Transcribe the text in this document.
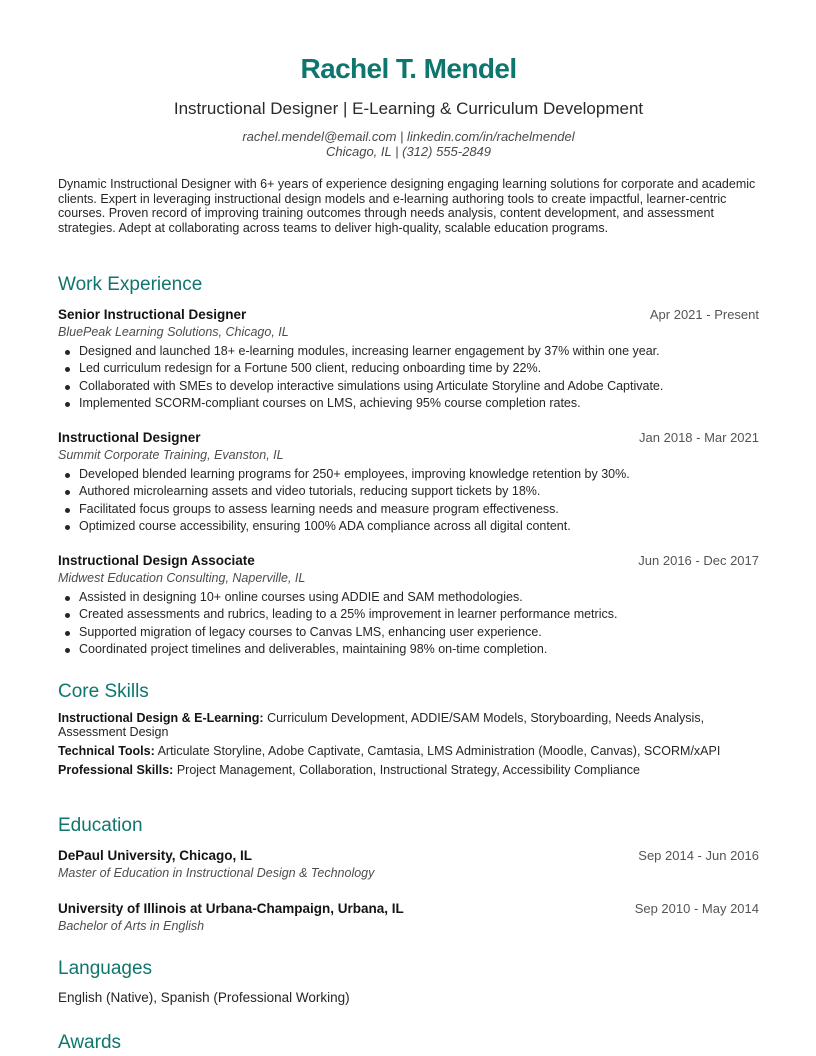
Rachel T. Mendel
Instructional Designer | E-Learning & Curriculum Development
rachel.mendel@email.com | linkedin.com/in/rachelmendel
Chicago, IL | (312) 555-2849
Dynamic Instructional Designer with 6+ years of experience designing engaging learning solutions for corporate and academic clients. Expert in leveraging instructional design models and e-learning authoring tools to create impactful, learner-centric courses. Proven record of improving training outcomes through needs analysis, content development, and assessment strategies. Adept at collaborating across teams to deliver high-quality, scalable education programs.
Work Experience
Senior Instructional Designer	Apr 2021 - Present
BluePeak Learning Solutions, Chicago, IL
Designed and launched 18+ e-learning modules, increasing learner engagement by 37% within one year.
Led curriculum redesign for a Fortune 500 client, reducing onboarding time by 22%.
Collaborated with SMEs to develop interactive simulations using Articulate Storyline and Adobe Captivate.
Implemented SCORM-compliant courses on LMS, achieving 95% course completion rates.
Instructional Designer	Jan 2018 - Mar 2021
Summit Corporate Training, Evanston, IL
Developed blended learning programs for 250+ employees, improving knowledge retention by 30%.
Authored microlearning assets and video tutorials, reducing support tickets by 18%.
Facilitated focus groups to assess learning needs and measure program effectiveness.
Optimized course accessibility, ensuring 100% ADA compliance across all digital content.
Instructional Design Associate	Jun 2016 - Dec 2017
Midwest Education Consulting, Naperville, IL
Assisted in designing 10+ online courses using ADDIE and SAM methodologies.
Created assessments and rubrics, leading to a 25% improvement in learner performance metrics.
Supported migration of legacy courses to Canvas LMS, enhancing user experience.
Coordinated project timelines and deliverables, maintaining 98% on-time completion.
Core Skills
Instructional Design & E-Learning: Curriculum Development, ADDIE/SAM Models, Storyboarding, Needs Analysis, Assessment Design
Technical Tools: Articulate Storyline, Adobe Captivate, Camtasia, LMS Administration (Moodle, Canvas), SCORM/xAPI
Professional Skills: Project Management, Collaboration, Instructional Strategy, Accessibility Compliance
Education
DePaul University, Chicago, IL	Sep 2014 - Jun 2016
Master of Education in Instructional Design & Technology
University of Illinois at Urbana-Champaign, Urbana, IL	Sep 2010 - May 2014
Bachelor of Arts in English
Languages
English (Native), Spanish (Professional Working)
Awards
